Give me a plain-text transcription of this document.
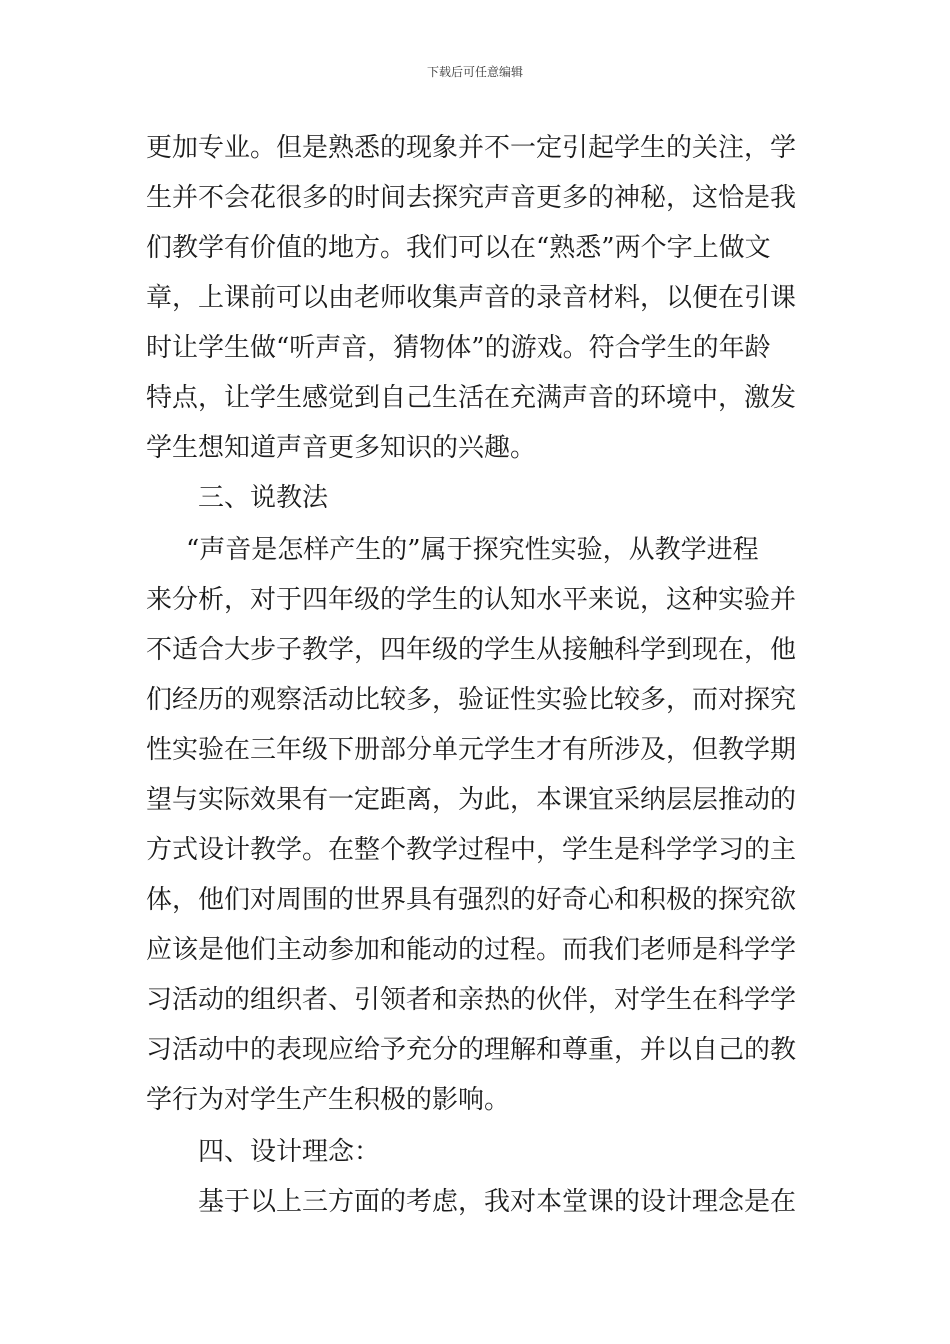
下载后可任意编辑
更加专业。但是熟悉的现象并不一定引起学生的关注，学
生并不会花很多的时间去探究声音更多的神秘，这恰是我
们教学有价值的地方。我们可以在“熟悉”两个字上做文
章，上课前可以由老师收集声音的录音材料，以便在引课
时让学生做“听声音，猜物体”的游戏。符合学生的年龄
特点，让学生感觉到自己生活在充满声音的环境中，激发
学生想知道声音更多知识的兴趣。
三、说教法
“声音是怎样产生的”属于探究性实验，从教学进程
来分析，对于四年级的学生的认知水平来说，这种实验并
不适合大步子教学，四年级的学生从接触科学到现在，他
们经历的观察活动比较多，验证性实验比较多，而对探究
性实验在三年级下册部分单元学生才有所涉及，但教学期
望与实际效果有一定距离，为此，本课宜采纳层层推动的
方式设计教学。在整个教学过程中，学生是科学学习的主
体，他们对周围的世界具有强烈的好奇心和积极的探究欲
应该是他们主动参加和能动的过程。而我们老师是科学学
习活动的组织者、引领者和亲热的伙伴，对学生在科学学
习活动中的表现应给予充分的理解和尊重，并以自己的教
学行为对学生产生积极的影响。
四、设计理念：
基于以上三方面的考虑，我对本堂课的设计理念是在
